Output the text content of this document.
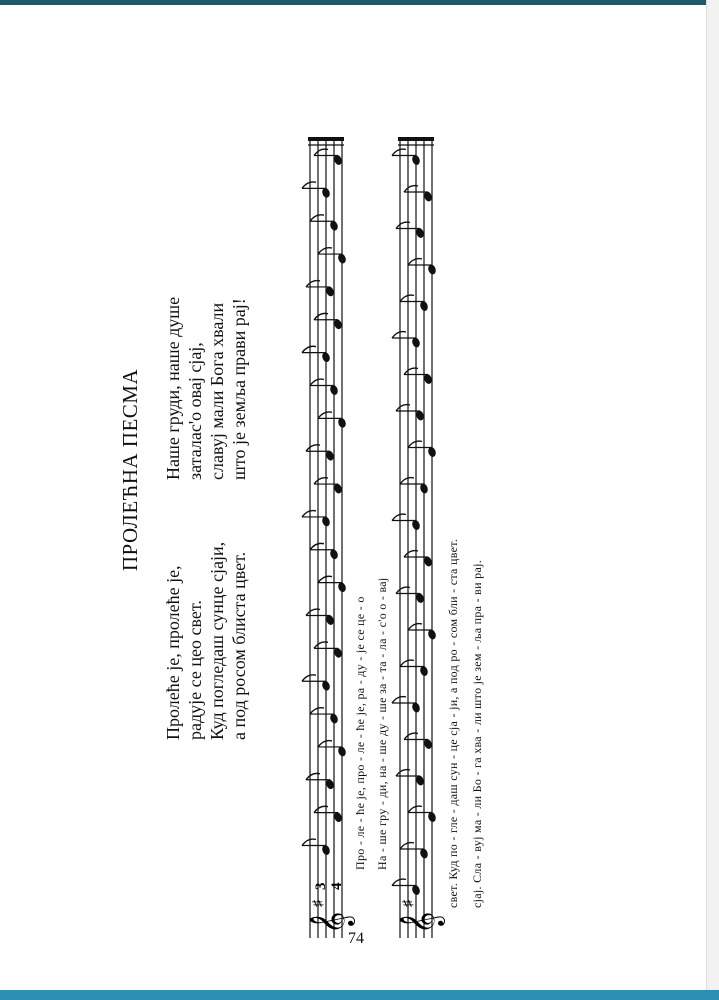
ПРОЛЕЋНА ПЕСМА
Пролеће је, пролеће је, радује се цео свет. Куд погледаш сунце сјаји, а под росом блиста цвет.
Наше груди, наше душе заталас'о овај сјај, славуј мали Бога хвали што је земља прави рај!
𝄞
♯
3 4
𝄞
♯
Про - ле - ће је, про - ле - ће је, ра - ду - је се це - о На - ше гру - ди, на - ше ду - ше за - та - ла - с'о о - вај	свет. Куд по - гле - даш сун - це сја - ји, а под ро - сом бли - ста цвет. сјај. Сла - вуј ма - ли Бо - га хва - ли што је зем - ља пра - ви рај.
74
